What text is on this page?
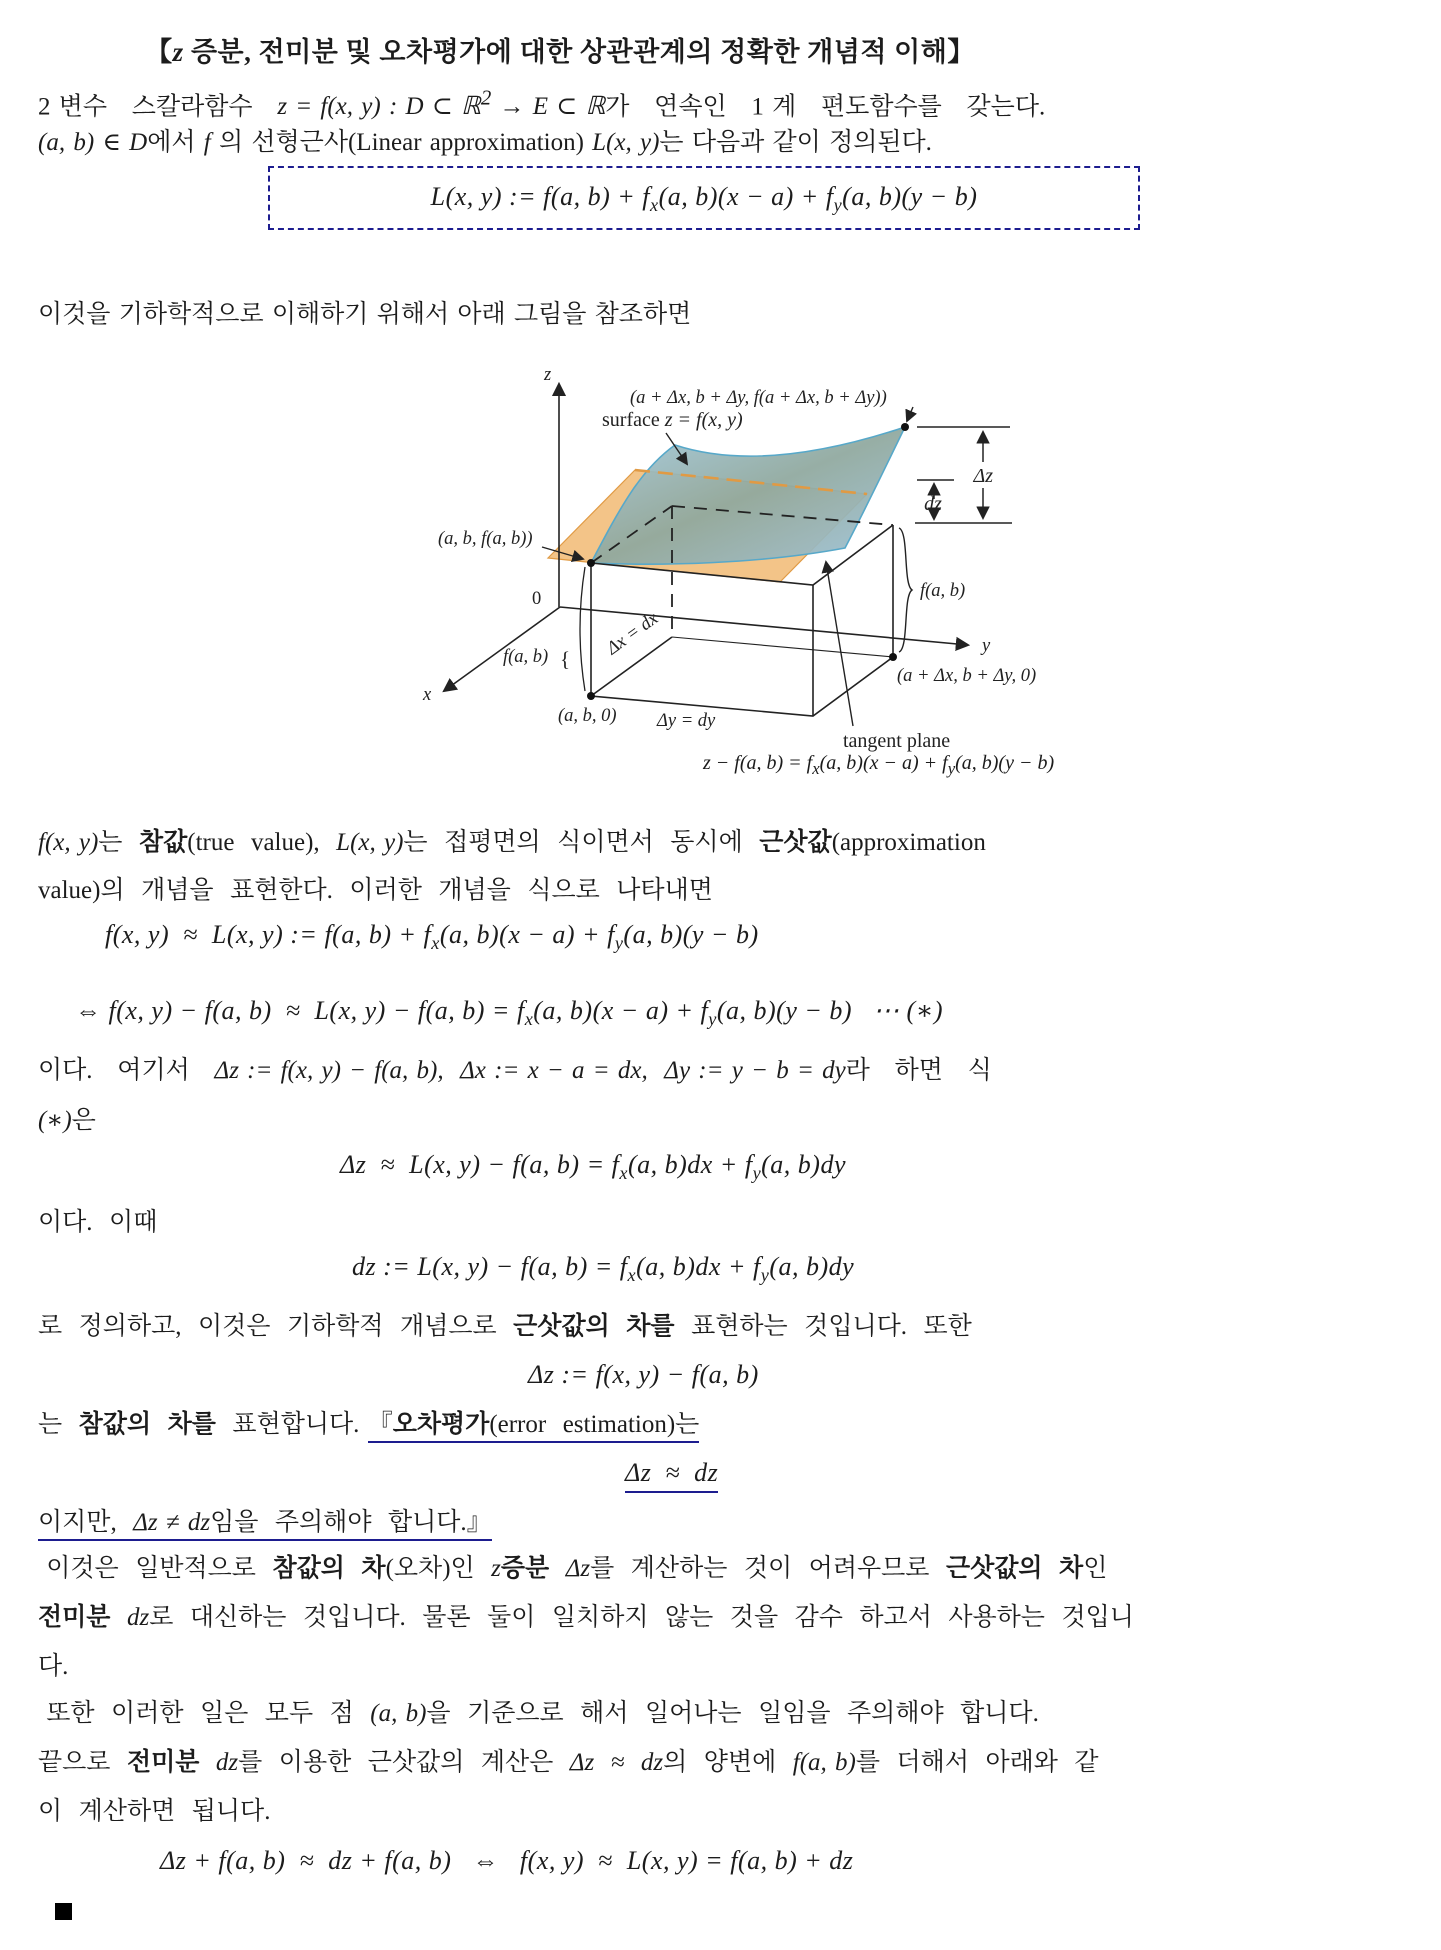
【z 증분, 전미분 및 오차평가에 대한 상관관계의 정확한 개념적 이해】
2 변수   스칼라함수   z = f(x, y) : D ⊂ ℝ$^2$ → E ⊂ ℝ가   연속인   1 계   편도함수를   갖는다.
(a, b) ∈ D에서 f 의 선형근사(Linear approximation) L(x, y)는 다음과 같이 정의된다.
L(x, y) := f(a, $b) + f_x(a$, $b)(x - a) + f_y(a$, b)(y − b)
이것을 기하학적으로 이해하기 위해서 아래 그림을 참조하면
{
z
x
y
0
surface z = f(x, y)
(a + Δx, b + Δy, f(a + Δx, b + Δy))
(a, b, f(a, b))
Δz
dz
f(a, b)
f(a, b)	Δx = dx
Δy = dy
(a, b, 0)
(a + Δx, b + Δy, 0)
tangent plane
z − f(a, $b) = f_x(a$, $b)(x - a) + f_y(a$, b)(y − b)
f(x, y)는  참값(true  value),  L(x, y)는  접평면의  식이면서  동시에  근삿값(approximation
value)의  개념을  표현한다.  이러한  개념을  식으로  나타내면
f(x, y)  ≈  L(x, y) := f(a, $b) + f_x(a$, $b)(x - a) + f_y(a$, b)(y − b)
⇔ f(x, y) − f(a, b)  ≈  L(x, y) − f(a, $b) = f_x(a$, $b)(x - a) + f_y(a$, b)(y − b)   ⋯ (∗)
이다.   여기서   Δz := f(x, y) − f(a, b),  Δx := x − a = dx,  Δy := y − b = dy라   하면   식
(∗)은
Δz  ≈  L(x, y) − f(a, $b) = f_x(a$, $b)dx + f_y(a$, b)dy
이다.  이때
dz := L(x, y) − f(a, $b) = f_x(a$, $b)dx + f_y(a$, b)dy
로  정의하고,  이것은  기하학적  개념으로  근삿값의  차를  표현하는  것입니다.  또한
Δz := f(x, y) − f(a, b)
는  참값의  차를  표현합니다. 『오차평가(error  estimation)는
Δz  ≈  dz
이지만,  Δz ≠ dz임을  주의해야  합니다.』
이것은  일반적으로  참값의  차(오차)인  z증분 Δz를  계산하는  것이  어려우므로  근삿값의  차인
전미분 dz로  대신하는  것입니다.  물론  둘이  일치하지  않는  것을  감수  하고서  사용하는  것입니
다.
또한  이러한  일은  모두  점  (a, b)을  기준으로  해서  일어나는  일임을  주의해야  합니다.
끝으로  전미분 dz를  이용한  근삿값의  계산은  Δz  ≈  dz의  양변에  f(a, b)를  더해서  아래와  같
이  계산하면  됩니다.
Δz + f(a, b)  ≈  dz + f(a, b)   ⇔   f(x, y)  ≈  L(x, y) = f(a, b) + dz
